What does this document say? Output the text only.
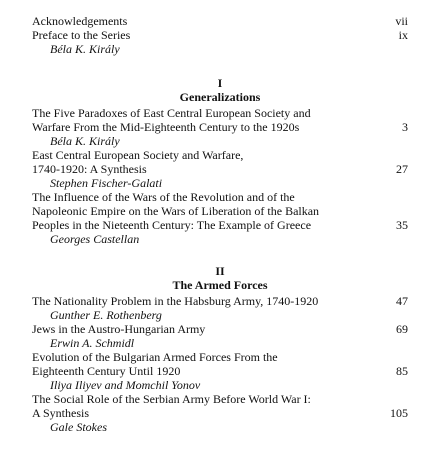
Acknowledgements	vii
Preface to the Series	ix
Béla K. Király
I
Generalizations
The Five Paradoxes of East Central European Society and
Warfare From the Mid-Eighteenth Century to the 1920s	3
Béla K. Király
East Central European Society and Warfare,
1740-1920: A Synthesis	27
Stephen Fischer-Galati
The Influence of the Wars of the Revolution and of the
Napoleonic Empire on the Wars of Liberation of the Balkan
Peoples in the Nieteenth Century: The Example of Greece	35
Georges Castellan
II
The Armed Forces
The Nationality Problem in the Habsburg Army, 1740-1920	47
Gunther E. Rothenberg
Jews in the Austro-Hungarian Army	69
Erwin A. Schmidl
Evolution of the Bulgarian Armed Forces From the
Eighteenth Century Until 1920	85
Iliya Iliyev and Momchil Yonov
The Social Role of the Serbian Army Before World War I:
A Synthesis	105
Gale Stokes
